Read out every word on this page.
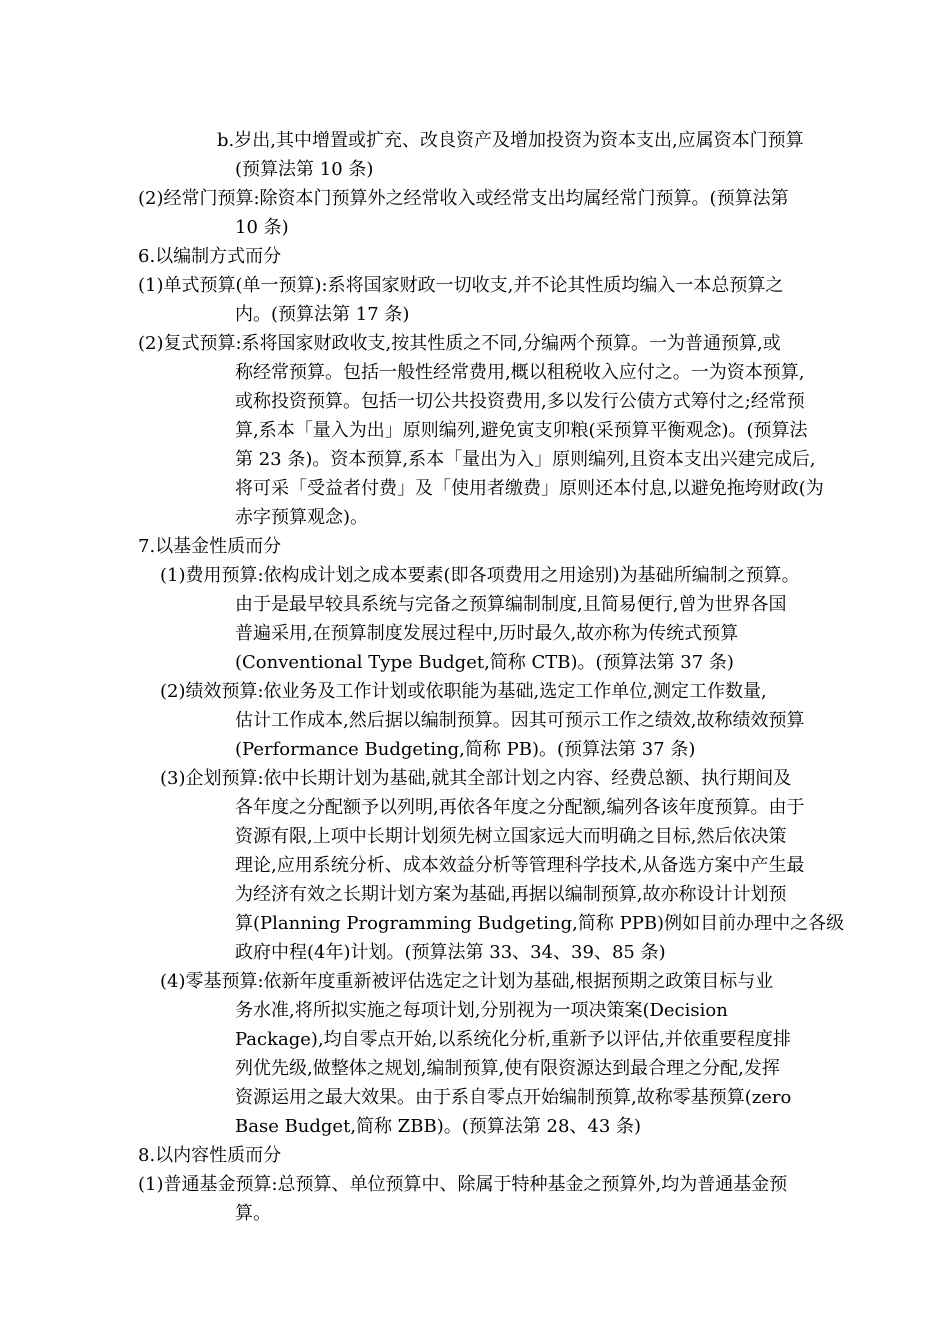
b.岁出,其中增置或扩充、改良资产及增加投资为资本支出,应属资本门预算
(预算法第 10 条)
(2)经常门预算:除资本门预算外之经常收入或经常支出均属经常门预算。(预算法第
10 条)
6.以编制方式而分
(1)单式预算(单一预算):系将国家财政一切收支,并不论其性质均编入一本总预算之
内。(预算法第 17 条)
(2)复式预算:系将国家财政收支,按其性质之不同,分编两个预算。一为普通预算,或
称经常预算。包括一般性经常费用,概以租税收入应付之。一为资本预算,
或称投资预算。包括一切公共投资费用,多以发行公债方式筹付之;经常预
算,系本「量入为出」原则编列,避免寅支卯粮(采预算平衡观念)。(预算法
第 23 条)。资本预算,系本「量出为入」原则编列,且资本支出兴建完成后,
将可采「受益者付费」及「使用者缴费」原则还本付息,以避免拖垮财政(为
赤字预算观念)。
7.以基金性质而分
(1)费用预算:依构成计划之成本要素(即各项费用之用途别)为基础所编制之预算。
由于是最早较具系统与完备之预算编制制度,且简易便行,曾为世界各国
普遍采用,在预算制度发展过程中,历时最久,故亦称为传统式预算
(Conventional Type Budget,简称 CTB)。(预算法第 37 条)
(2)绩效预算:依业务及工作计划或依职能为基础,选定工作单位,测定工作数量,
估计工作成本,然后据以编制预算。因其可预示工作之绩效,故称绩效预算
(Performance Budgeting,简称 PB)。(预算法第 37 条)
(3)企划预算:依中长期计划为基础,就其全部计划之内容、经费总额、执行期间及
各年度之分配额予以列明,再依各年度之分配额,编列各该年度预算。由于
资源有限,上项中长期计划须先树立国家远大而明确之目标,然后依决策
理论,应用系统分析、成本效益分析等管理科学技术,从备选方案中产生最
为经济有效之长期计划方案为基础,再据以编制预算,故亦称设计计划预
算(Planning Programming Budgeting,简称 PPB)例如目前办理中之各级
政府中程(4年)计划。(预算法第 33、34、39、85 条)
(4)零基预算:依新年度重新被评估选定之计划为基础,根据预期之政策目标与业
务水准,将所拟实施之每项计划,分别视为一项决策案(Decision
Package),均自零点开始,以系统化分析,重新予以评估,并依重要程度排
列优先级,做整体之规划,编制预算,使有限资源达到最合理之分配,发挥
资源运用之最大效果。由于系自零点开始编制预算,故称零基预算(zero
Base Budget,简称 ZBB)。(预算法第 28、43 条)
8.以内容性质而分
(1)普通基金预算:总预算、单位预算中、除属于特种基金之预算外,均为普通基金预
算。
